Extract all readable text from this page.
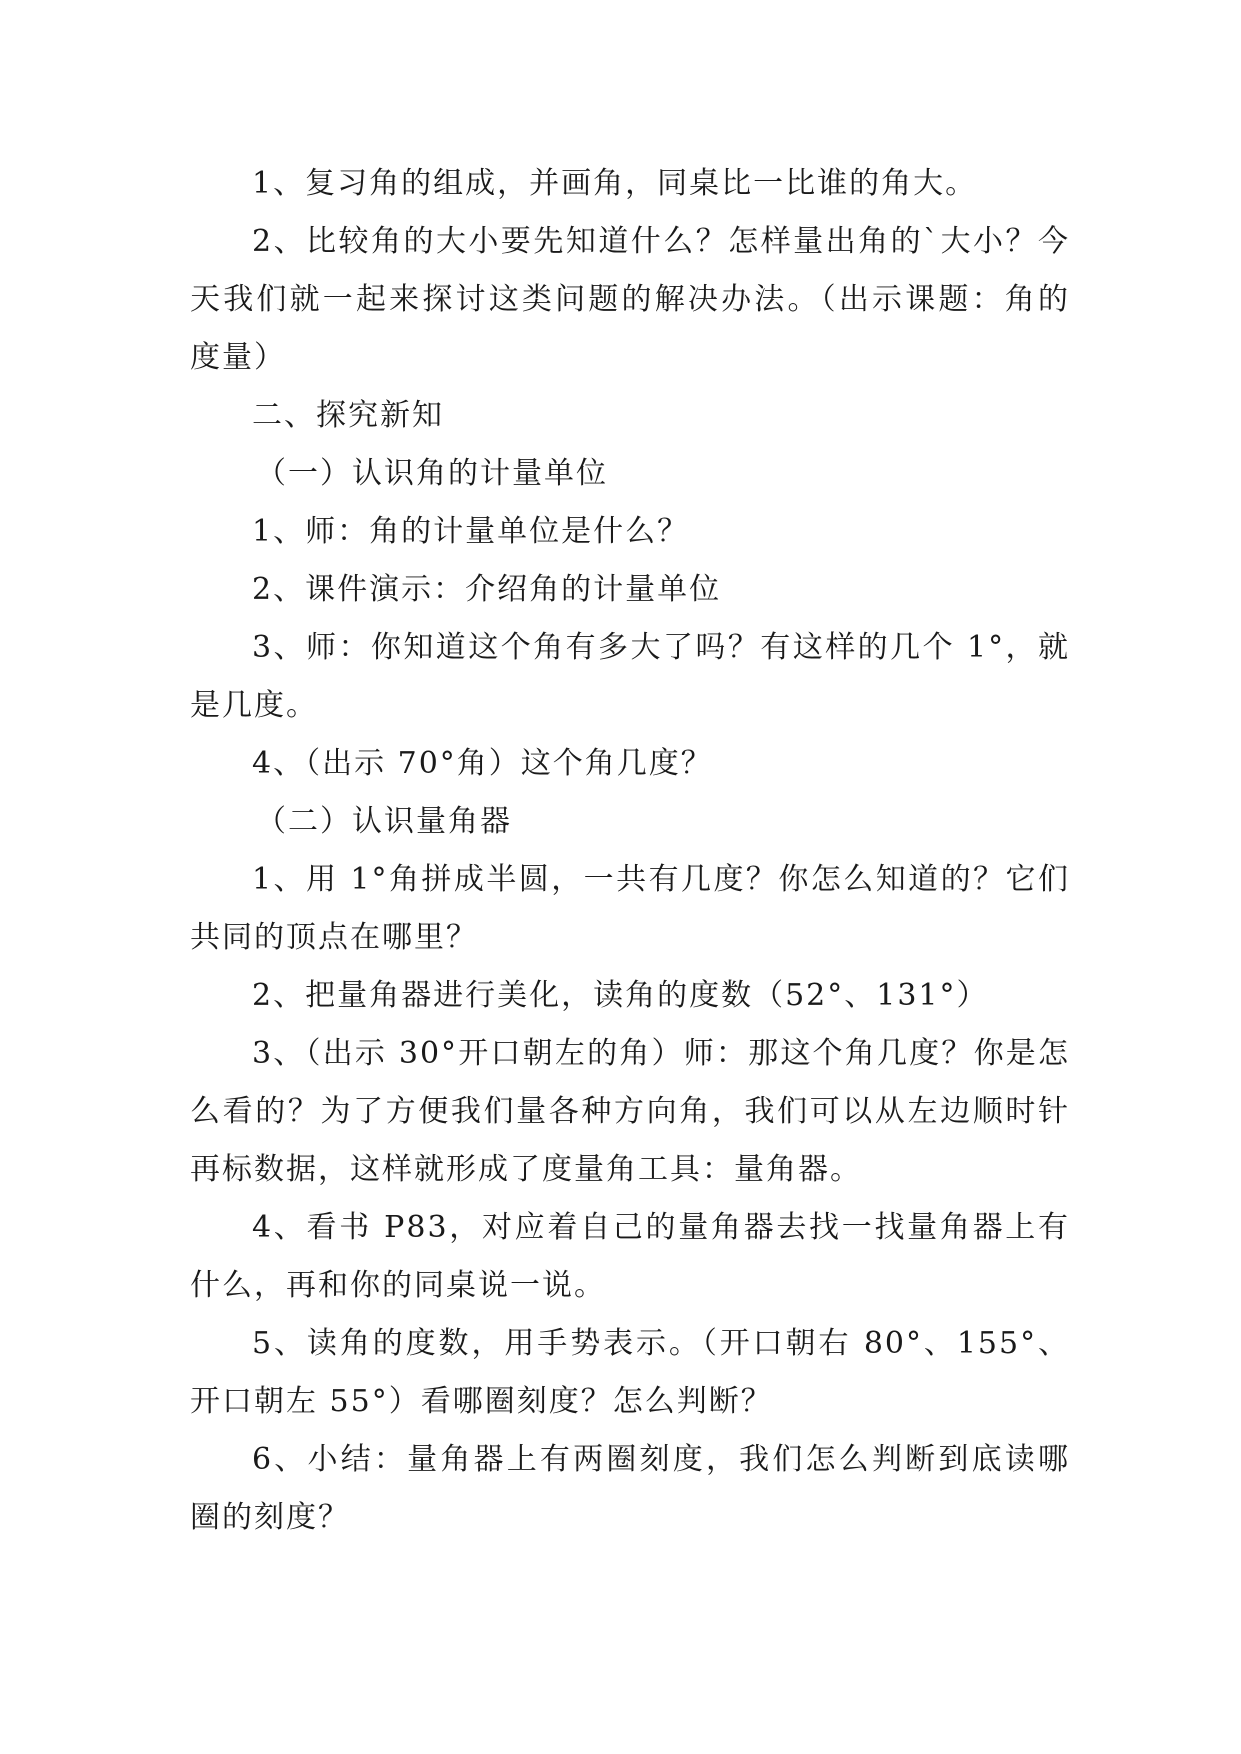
1、复习角的组成，并画角，同桌比一比谁的角大。

2、比较角的大小要先知道什么？怎样量出角的`大小？今天我们就一起来探讨这类问题的解决办法。（出示课题：角的度量）

二、探究新知

（一）认识角的计量单位

1、师：角的计量单位是什么？

2、课件演示：介绍角的计量单位

3、师：你知道这个角有多大了吗？有这样的几个 1°，就是几度。

4、（出示 70°角）这个角几度？

（二）认识量角器

1、用 1°角拼成半圆，一共有几度？你怎么知道的？它们共同的顶点在哪里？

2、把量角器进行美化，读角的度数（52°、131°）

3、（出示 30°开口朝左的角）师：那这个角几度？你是怎么看的？为了方便我们量各种方向角，我们可以从左边顺时针再标数据，这样就形成了度量角工具：量角器。

4、看书 P83，对应着自己的量角器去找一找量角器上有什么，再和你的同桌说一说。

5、读角的度数，用手势表示。（开口朝右 80°、155°、开口朝左 55°）看哪圈刻度？怎么判断？

6、小结：量角器上有两圈刻度，我们怎么判断到底读哪圈的刻度？
